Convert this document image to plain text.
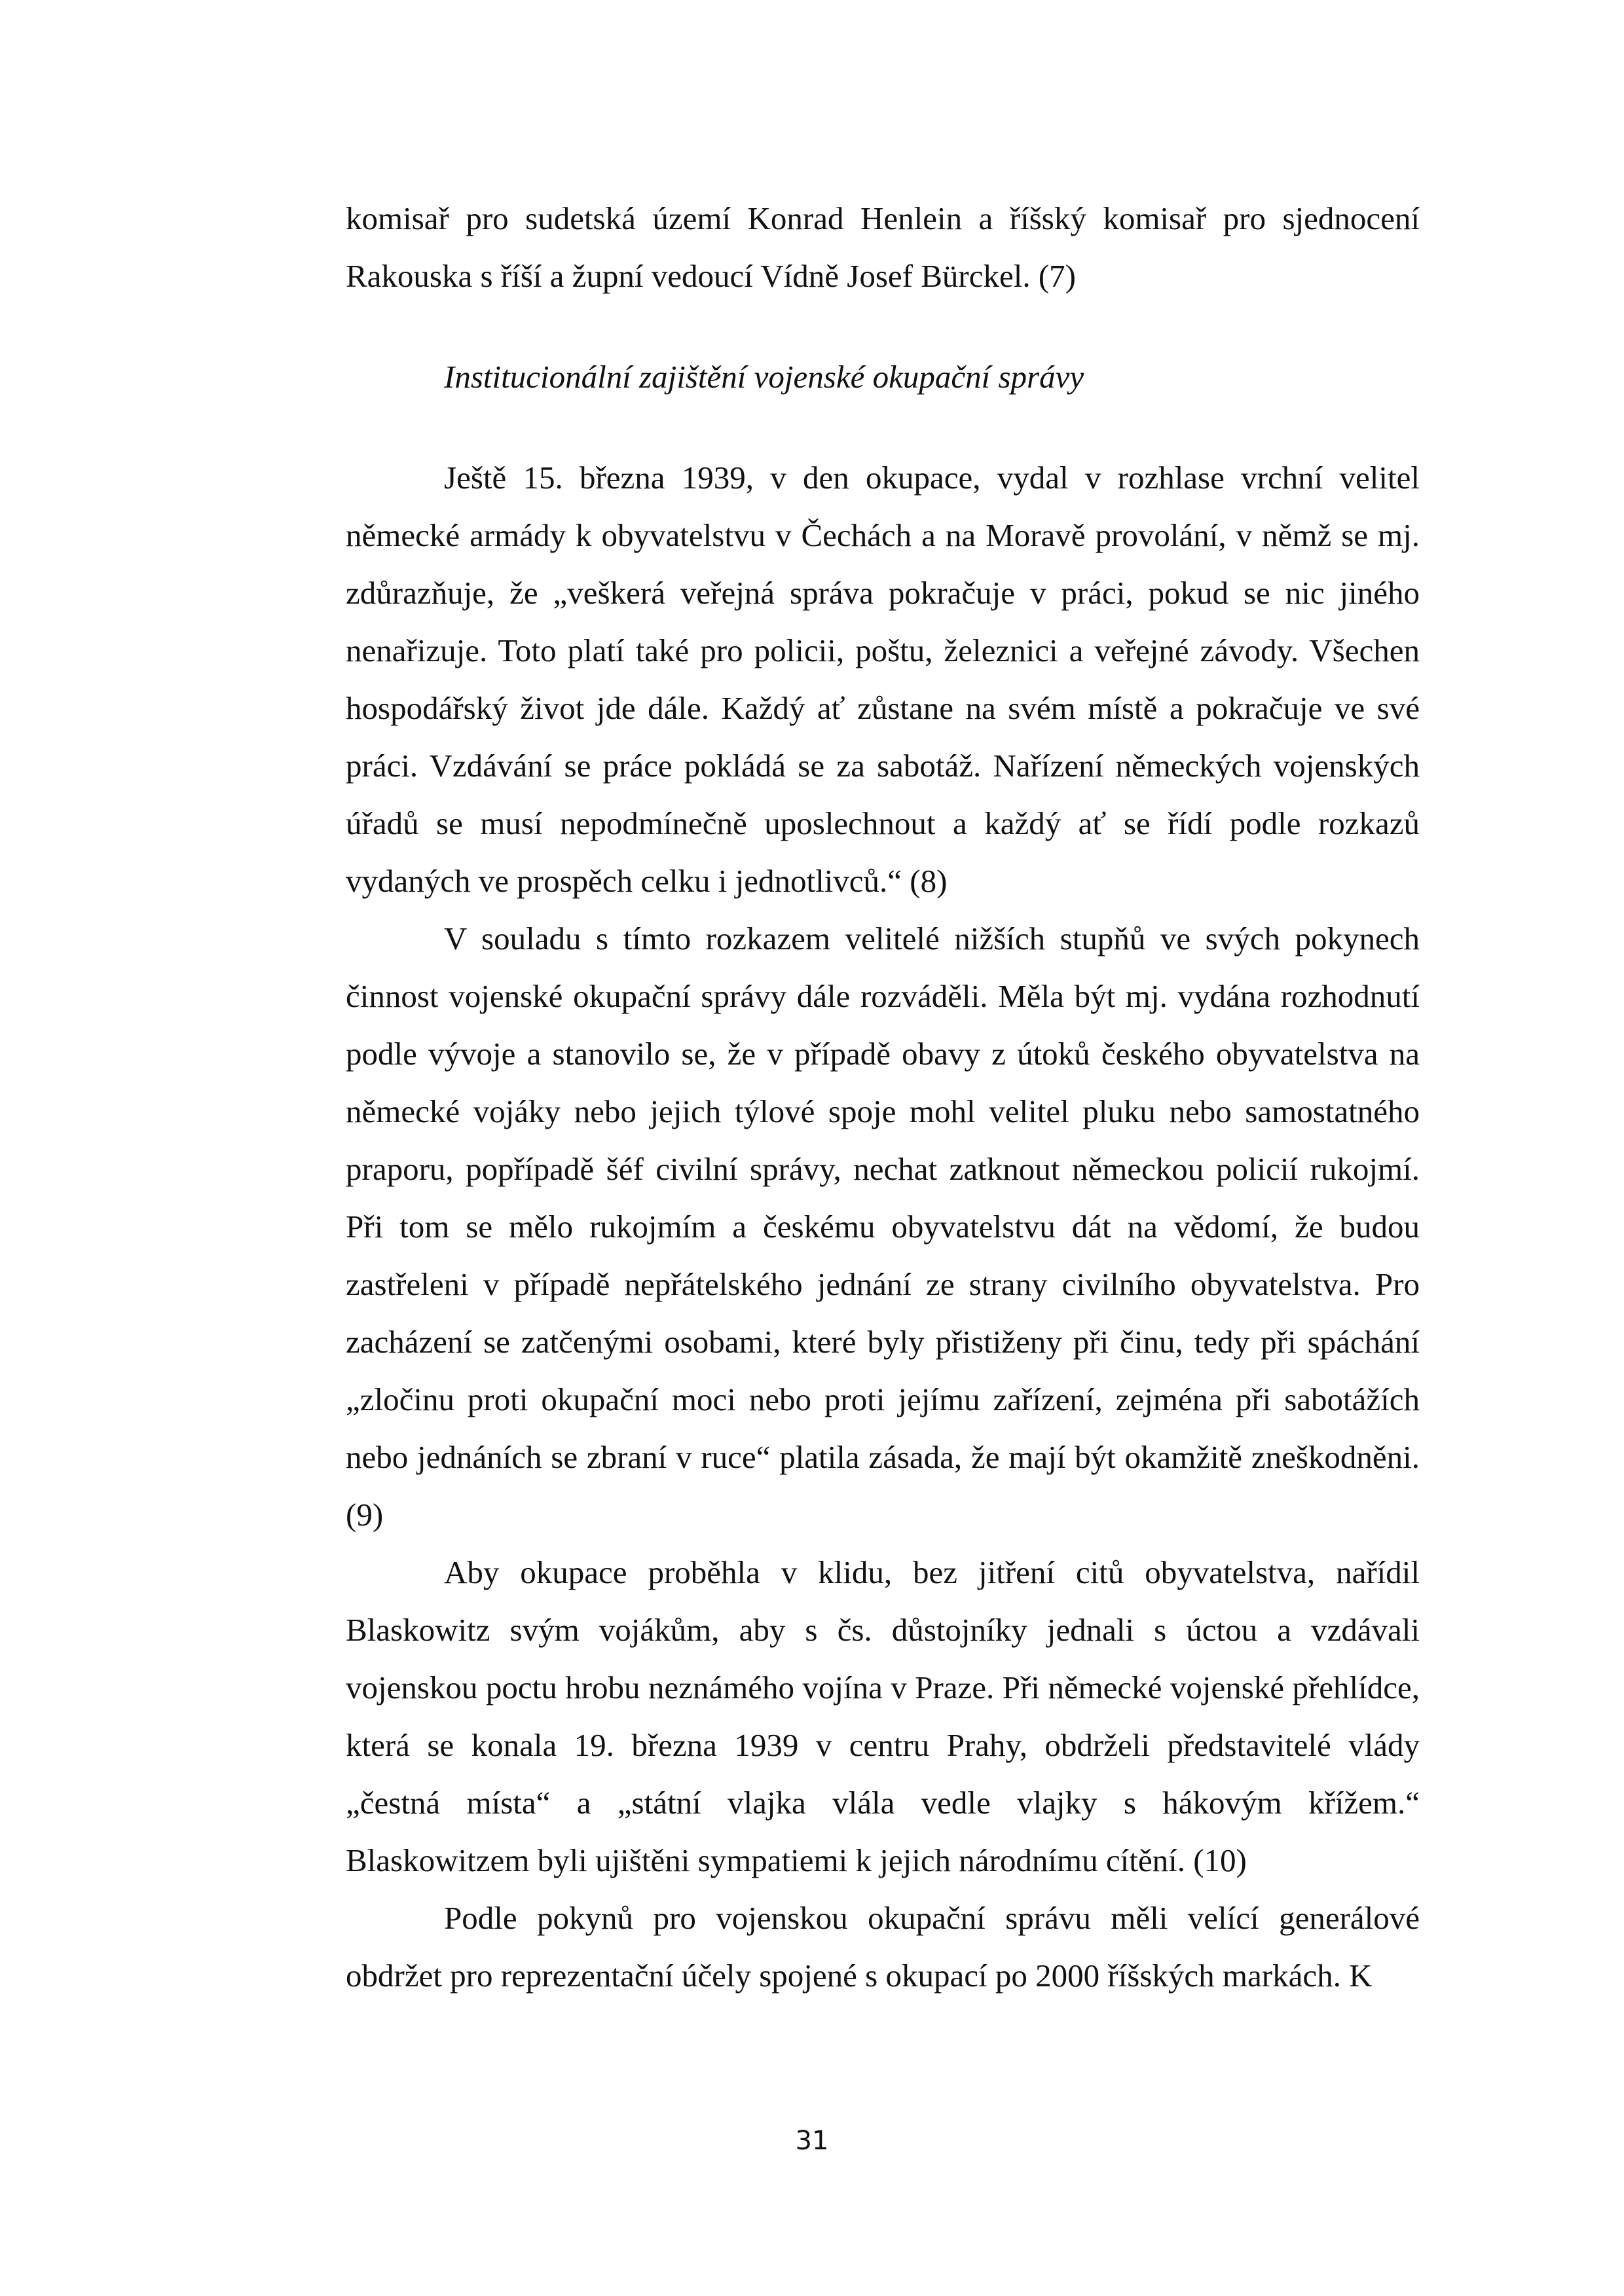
komisař pro sudetská území Konrad Henlein a říšský komisař pro sjednocení Rakouska s říší a župní vedoucí Vídně Josef Bürckel. (7)

Institucionální zajištění vojenské okupační správy

Ještě 15. března 1939, v den okupace, vydal v rozhlase vrchní velitel německé armády k obyvatelstvu v Čechách a na Moravě provolání, v němž se mj. zdůrazňuje, že „veškerá veřejná správa pokračuje v práci, pokud se nic jiného nenařizuje. Toto platí také pro policii, poštu, železnici a veřejné závody. Všechen hospodářský život jde dále. Každý ať zůstane na svém místě a pokračuje ve své práci. Vzdávání se práce pokládá se za sabotáž. Nařízení německých vojenských úřadů se musí nepodmínečně uposlechnout a každý ať se řídí podle rozkazů vydaných ve prospěch celku i jednotlivců.“ (8)

V souladu s tímto rozkazem velitelé nižších stupňů ve svých pokynech činnost vojenské okupační správy dále rozváděli. Měla být mj. vydána rozhodnutí podle vývoje a stanovilo se, že v případě obavy z útoků českého obyvatelstva na německé vojáky nebo jejich týlové spoje mohl velitel pluku nebo samostatného praporu, popřípadě šéf civilní správy, nechat zatknout německou policií rukojmí. Při tom se mělo rukojmím a českému obyvatelstvu dát na vědomí, že budou zastřeleni v případě nepřátelského jednání ze strany civilního obyvatelstva. Pro zacházení se zatčenými osobami, které byly přistiženy při činu, tedy při spáchání „zločinu proti okupační moci nebo proti jejímu zařízení, zejména při sabotážích nebo jednáních se zbraní v ruce“ platila zásada, že mají být okamžitě zneškodněni. (9)

Aby okupace proběhla v klidu, bez jitření citů obyvatelstva, nařídil Blaskowitz svým vojákům, aby s čs. důstojníky jednali s úctou a vzdávali vojenskou poctu hrobu neznámého vojína v Praze. Při německé vojenské přehlídce, která se konala 19. března 1939 v centru Prahy, obdrželi představitelé vlády „čestná místa“ a „státní vlajka vlála vedle vlajky s hákovým křížem.“ Blaskowitzem byli ujištěni sympatiemi k jejich národnímu cítění. (10)

Podle pokynů pro vojenskou okupační správu měli velící generálové obdržet pro reprezentační účely spojené s okupací po 2000 říšských markách. K

31
